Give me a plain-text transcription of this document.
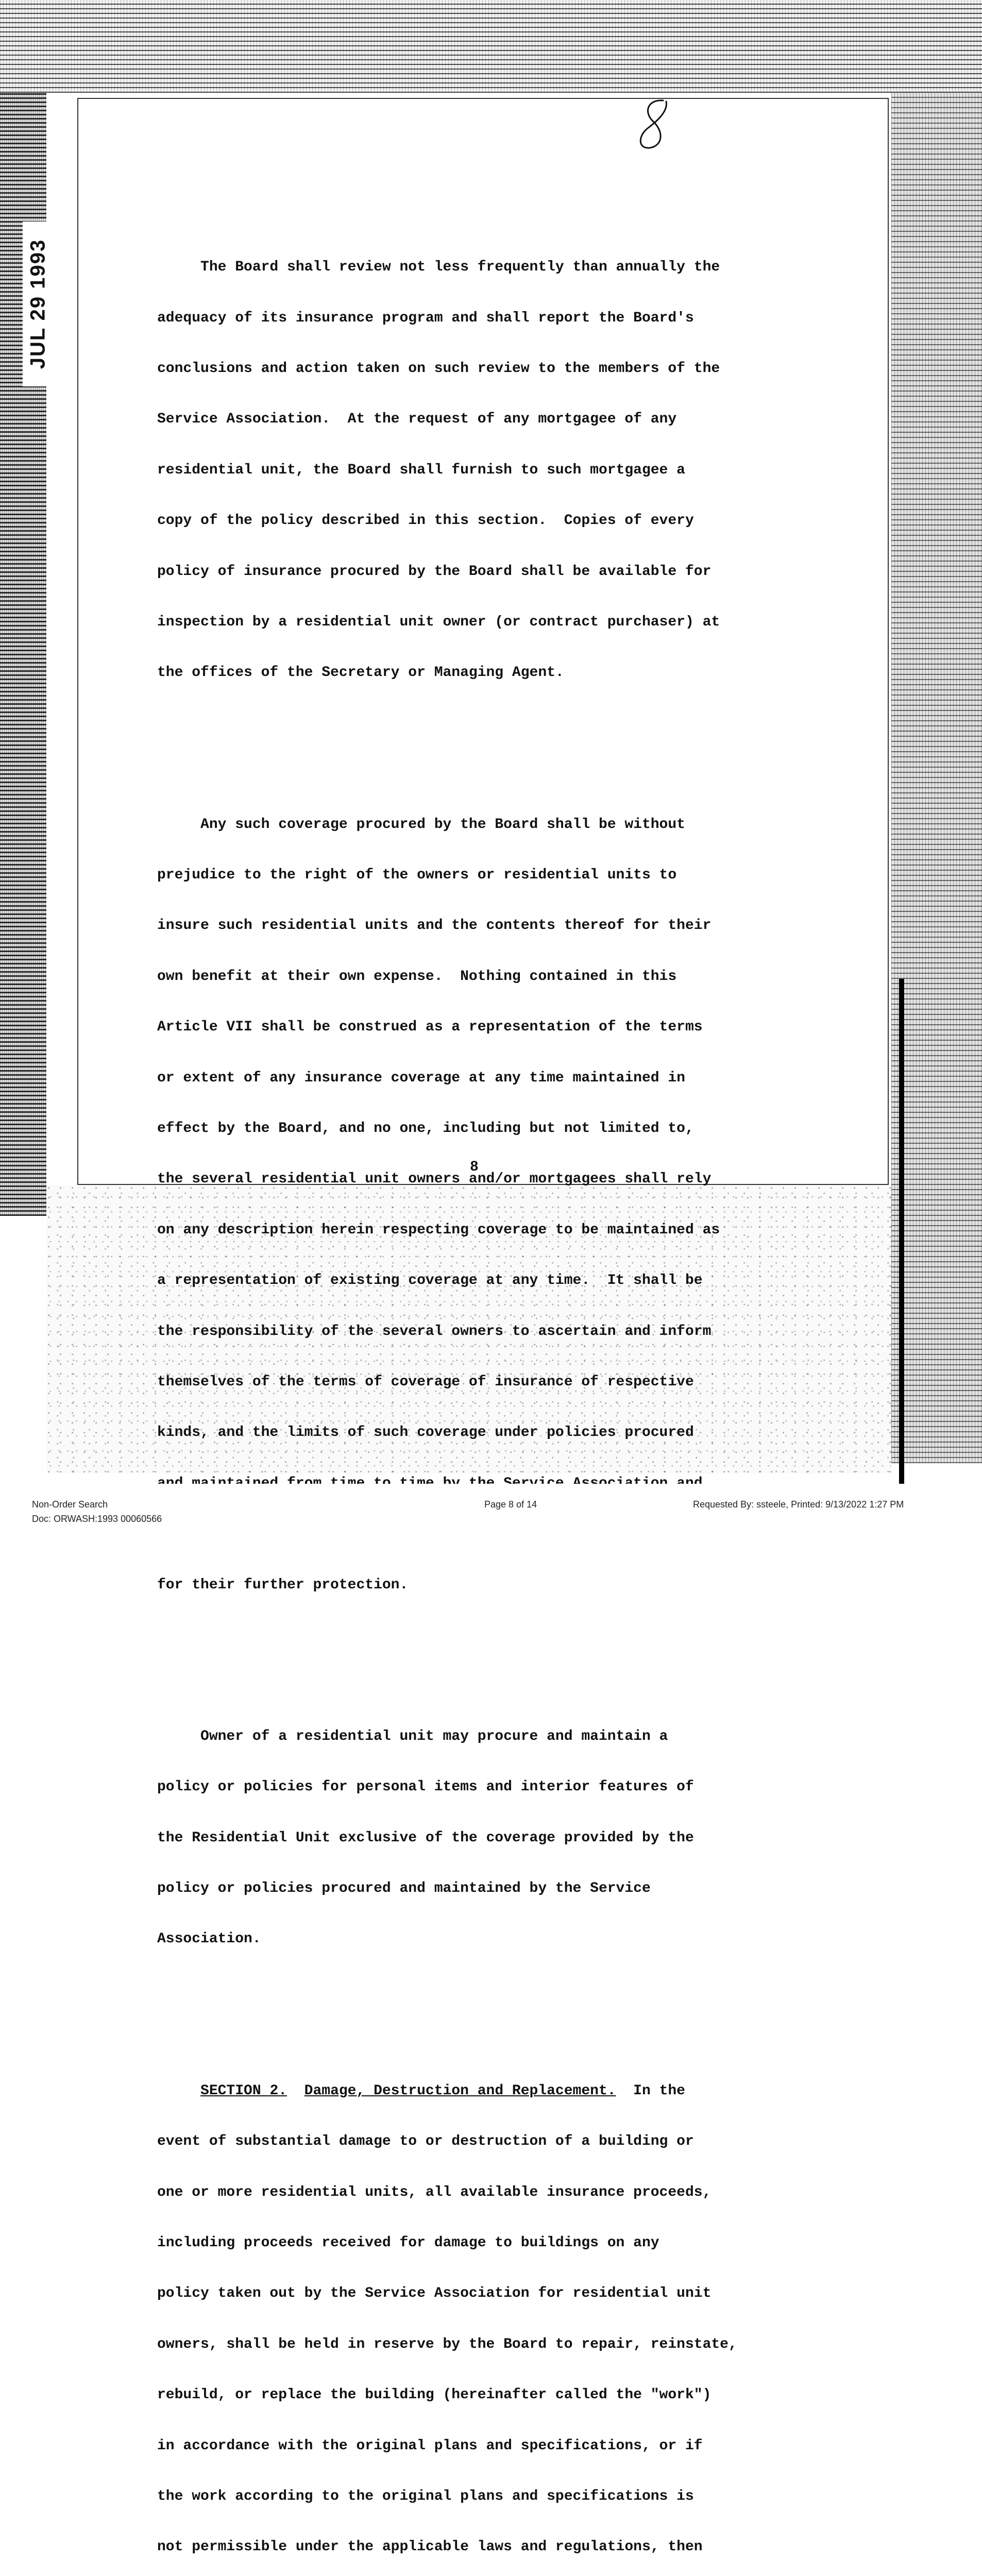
JUL 29 1993

	The Board shall review not less frequently than annually the

adequacy of its insurance program and shall report the Board's

conclusions and action taken on such review to the members of the

Service Association.  At the request of any mortgagee of any

residential unit, the Board shall furnish to such mortgagee a

copy of the policy described in this section.  Copies of every

policy of insurance procured by the Board shall be available for

inspection by a residential unit owner (or contract purchaser) at

the offices of the Secretary or Managing Agent.

Any such coverage procured by the Board shall be without

prejudice to the right of the owners or residential units to

insure such residential units and the contents thereof for their

own benefit at their own expense.  Nothing contained in this

Article VII shall be construed as a representation of the terms

or extent of any insurance coverage at any time maintained in

effect by the Board, and no one, including but not limited to,

the several residential unit owners and/or mortgagees shall rely

on any description herein respecting coverage to be maintained as

a representation of existing coverage at any time.  It shall be

the responsibility of the several owners to ascertain and inform

themselves of the terms of coverage of insurance of respective

kinds, and the limits of such coverage under policies procured

for their further protection.

Owner of a residential unit may procure and maintain a

policy or policies for personal items and interior features of

the Residential Unit exclusive of the coverage provided by the

policy or policies procured and maintained by the Service

Association.

SECTION 2. Damage, Destruction and Replacement.  In the

event of substantial damage to or destruction of a building or

one or more residential units, all available insurance proceeds,

including proceeds received for damage to buildings on any

policy taken out by the Service Association for residential unit

owners, shall be held in reserve by the Board to repair, reinstate,

rebuild, or replace the building (hereinafter called the "work")

in accordance with the original plans and specifications, or if

the work according to the original plans and specifications is

not permissible under the applicable laws and regulations, then

8
Non-Order Search
Doc: ORWASH:1993 00060566
Page 8 of 14	Requested By: ssteele, Printed: 9/13/2022 1:27 PM
